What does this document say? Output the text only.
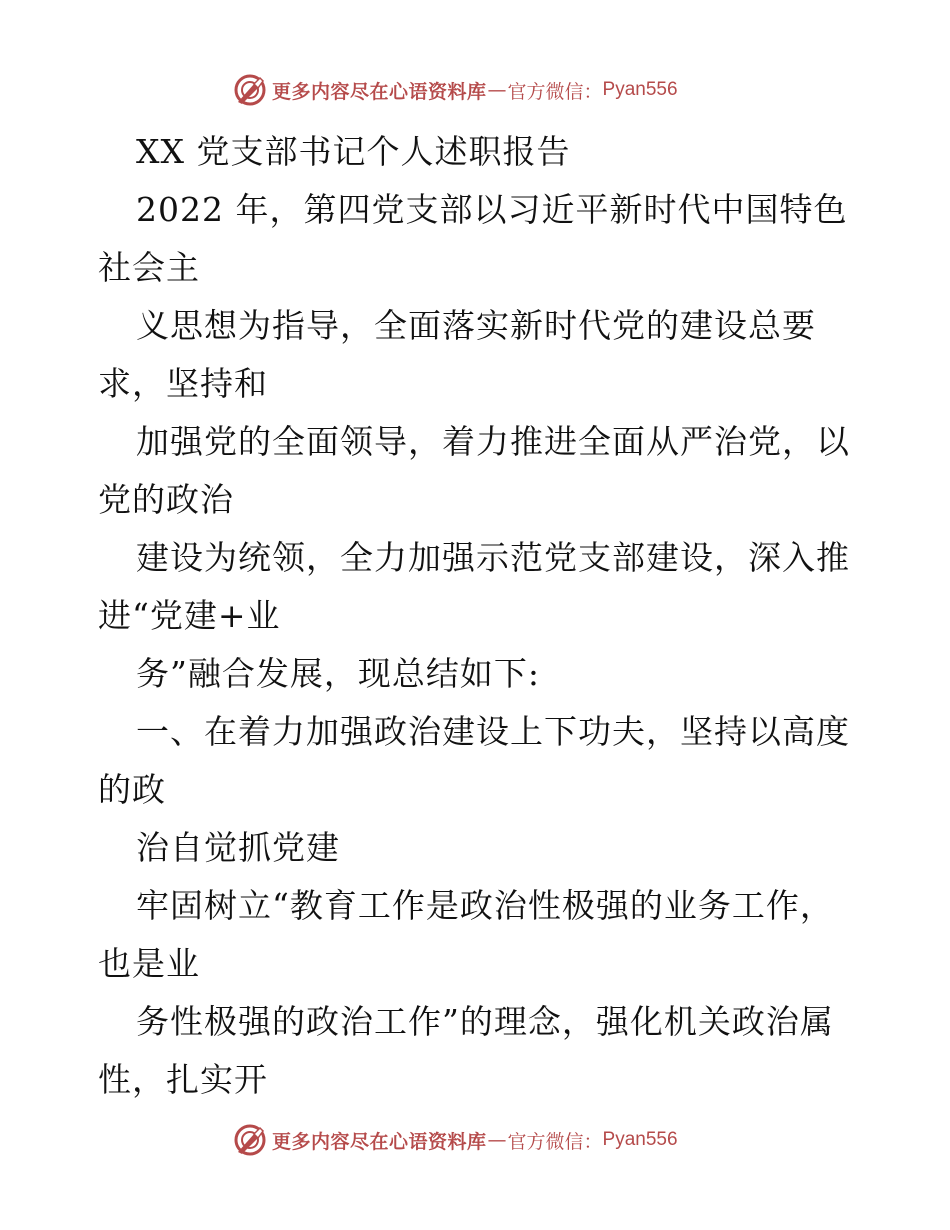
更多内容尽在心语资料库 — 官方微信： Pyan556
XX 党支部书记个人述职报告
2022 年，第四党支部以习近平新时代中国特色
社会主
义思想为指导，全面落实新时代党的建设总要
求，坚持和
加强党的全面领导，着力推进全面从严治党，以
党的政治
建设为统领，全力加强示范党支部建设，深入推
进“党建+业
务”融合发展，现总结如下:
一、在着力加强政治建设上下功夫，坚持以高度
的政
治自觉抓党建
牢固树立“教育工作是政治性极强的业务工作，
也是业
务性极强的政治工作”的理念，强化机关政治属
性，扎实开
更多内容尽在心语资料库 — 官方微信： Pyan556
